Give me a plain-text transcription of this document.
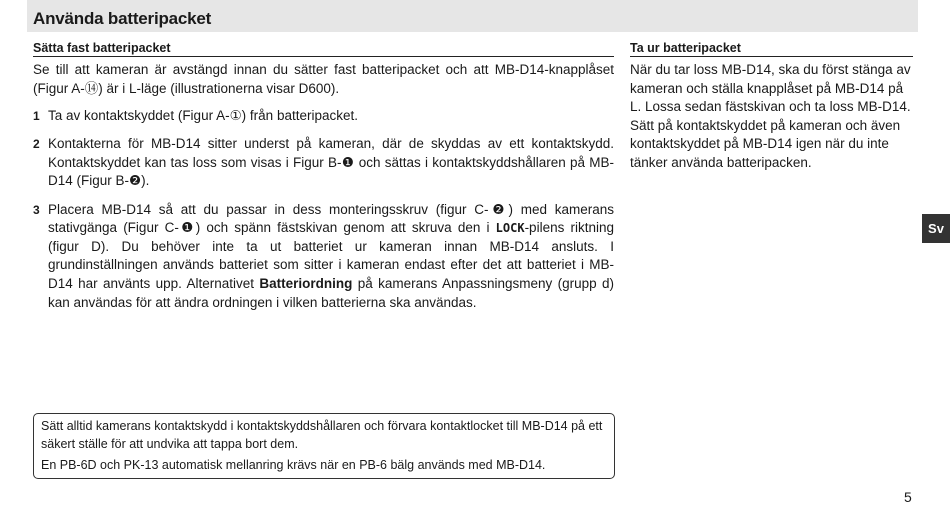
Använda batteripacket
Sätta fast batteripacket

Se till att kameran är avstängd innan du sätter fast batteripacket och att MB-D14-knapplåset (Figur A-⑭) är i L-läge (illustrationerna visar D600).

1 Ta av kontaktskyddet (Figur A-①) från batteripacket.
2 Kontakterna för MB-D14 sitter underst på kameran, där de skyddas av ett kontaktskydd. Kontaktskyddet kan tas loss som visas i Figur B-❶ och sättas i kontaktskyddshållaren på MB-D14 (Figur B-❷).
3 Placera MB-D14 så att du passar in dess monteringsskruv (figur C-❷) med kamerans stativgänga (Figur C-❶) och spänn fästskivan genom att skruva den i LOCK-pilens riktning (figur D). Du behöver inte ta ut batteriet ur kameran innan MB-D14 ansluts. I grundinställningen används batteriet som sitter i kameran endast efter det att batteriet i MB-D14 har använts upp. Alternativet Batteriordning på kamerans Anpassningsmeny (grupp d) kan användas för att ändra ordningen i vilken batterierna ska användas.
Ta ur batteripacket

När du tar loss MB-D14, ska du först stänga av kameran och ställa knapplåset på MB-D14 på L. Lossa sedan fästskivan och ta loss MB-D14. Sätt på kontaktskyddet på kameran och även kontaktskyddet på MB-D14 igen när du inte tänker använda batteripacken.

Sätt alltid kamerans kontaktskydd i kontaktskyddshållaren och förvara kontaktlocket till MB-D14 på ett säkert ställe för att undvika att tappa bort dem.

En PB-6D och PK-13 automatisk mellanring krävs när en PB-6 bälg används med MB-D14.

Sv
5
